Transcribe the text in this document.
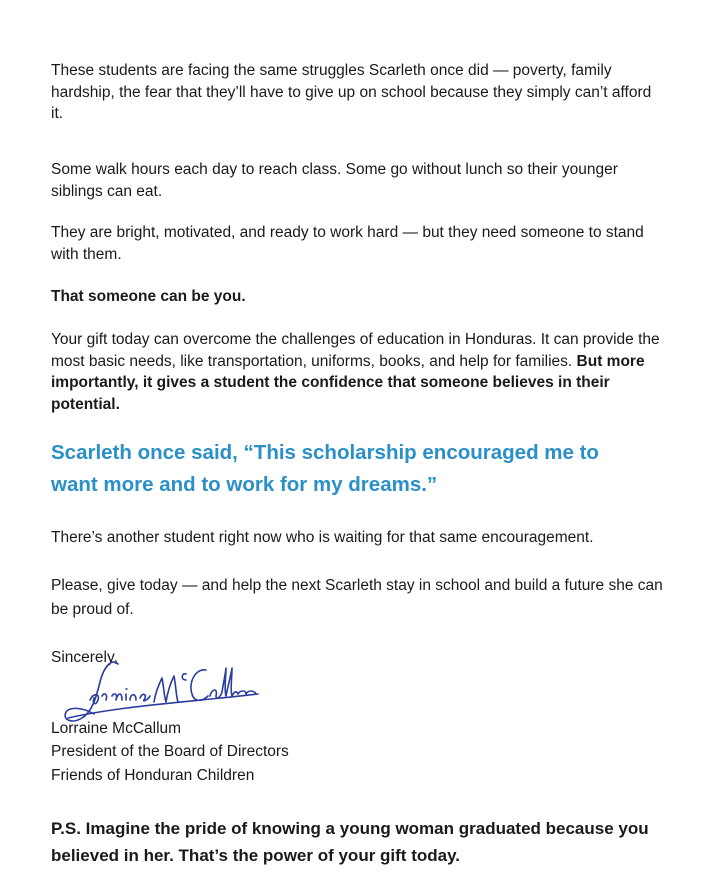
These students are facing the same struggles Scarleth once did — poverty, family hardship, the fear that they’ll have to give up on school because they simply can’t afford it.

Some walk hours each day to reach class. Some go without lunch so their younger siblings can eat.

They are bright, motivated, and ready to work hard — but they need someone to stand with them.

That someone can be you.

Your gift today can overcome the challenges of education in Honduras. It can provide the most basic needs, like transportation, uniforms, books, and help for families. But more importantly, it gives a student the confidence that someone believes in their potential.

Scarleth once said, “This scholarship encouraged me to want more and to work for my dreams.”

There’s another student right now who is waiting for that same encouragement.

Please, give today — and help the next Scarleth stay in school and build a future she can be proud of.

Sincerely,
Lorraine McCallum
President of the Board of Directors
Friends of Honduran Children

P.S. Imagine the pride of knowing a young woman graduated because you believed in her. That’s the power of your gift today.
